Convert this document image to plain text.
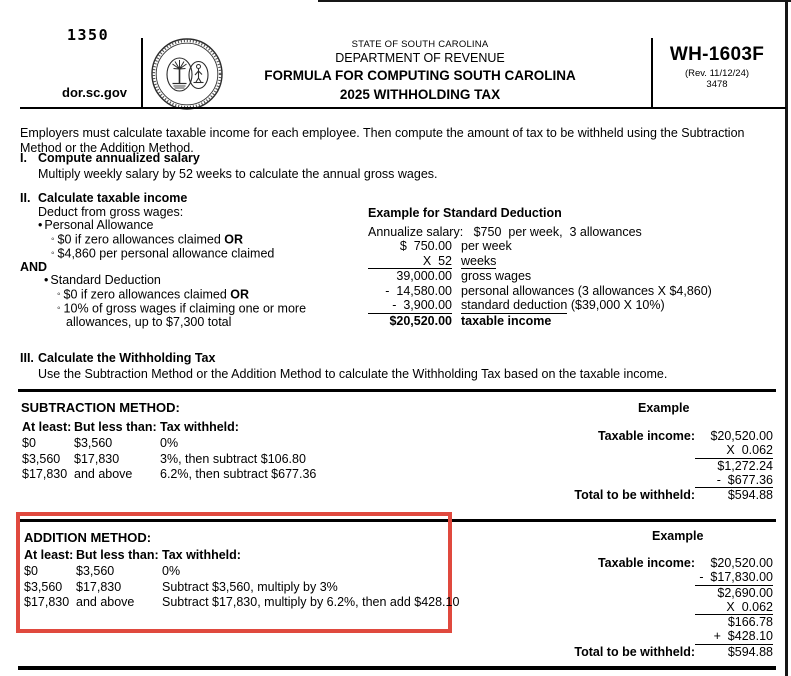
1350
dor.sc.gov
STATE OF SOUTH CAROLINA
DEPARTMENT OF REVENUE
FORMULA FOR COMPUTING SOUTH CAROLINA
2025 WITHHOLDING TAX
WH-1603F
(Rev. 11/12/24)
3478

Employers must calculate taxable income for each employee. Then compute the amount of tax to be withheld using the Subtraction Method or the Addition Method.

I. Compute annualized salary
Multiply weekly salary by 52 weeks to calculate the annual gross wages.
II. Calculate taxable income
Deduct from gross wages:
• Personal Allowance
◦ $0 if zero allowances claimed OR
◦ $4,860 per personal allowance claimed
AND
• Standard Deduction
◦ $0 if zero allowances claimed OR
◦ 10% of gross wages if claiming one or more
allowances, up to $7,300 total
Example for Standard Deduction
Annualize salary:   $750  per week,  3 allowances
$  750.00 per week
X  52 weeks
39,000.00 gross wages
-  14,580.00 personal allowances (3 allowances X $4,860)
-  3,900.00 standard deduction ($39,000 X 10%)
$20,520.00 taxable income
III. Calculate the Withholding Tax
Use the Subtraction Method or the Addition Method to calculate the Withholding Tax based on the taxable income.
SUBTRACTION METHOD:	Example
At least: But less than: Tax withheld:
$0	$3,560	0%
$3,560	$17,830	3%, then subtract $106.80
$17,830 and above	6.2%, then subtract $677.36
Taxable income:	$20,520.00
X  0.062
$1,272.24
-  $677.36
Total to be withheld:	$594.88
ADDITION METHOD:	Example
At least: But less than: Tax withheld:
$0	$3,560	0%
$3,560	$17,830	Subtract $3,560, multiply by 3%
$17,830 and above	Subtract $17,830, multiply by 6.2%, then add $428.10
Taxable income:	$20,520.00
-  $17,830.00
$2,690.00
X  0.062
$166.78
+  $428.10
Total to be withheld:	$594.88
